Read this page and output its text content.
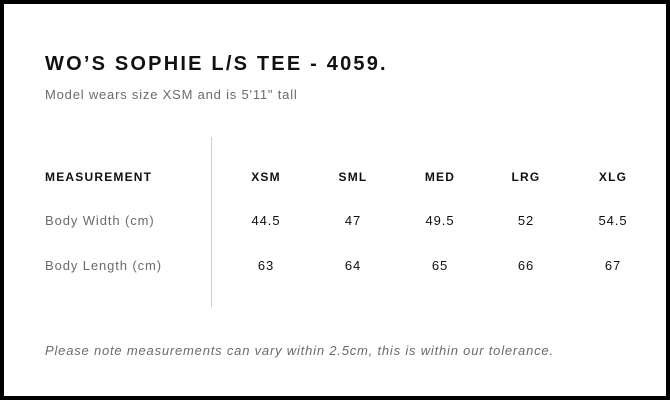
WO’S SOPHIE L/S TEE - 4059.

Model wears size XSM and is 5'11" tall

MEASUREMENT	XSM	SML	MED	LRG	XLG
Body Width (cm)	44.5	47	49.5	52	54.5
Body Length (cm)	63	64	65	66	67

Please note measurements can vary within 2.5cm, this is within our tolerance.
